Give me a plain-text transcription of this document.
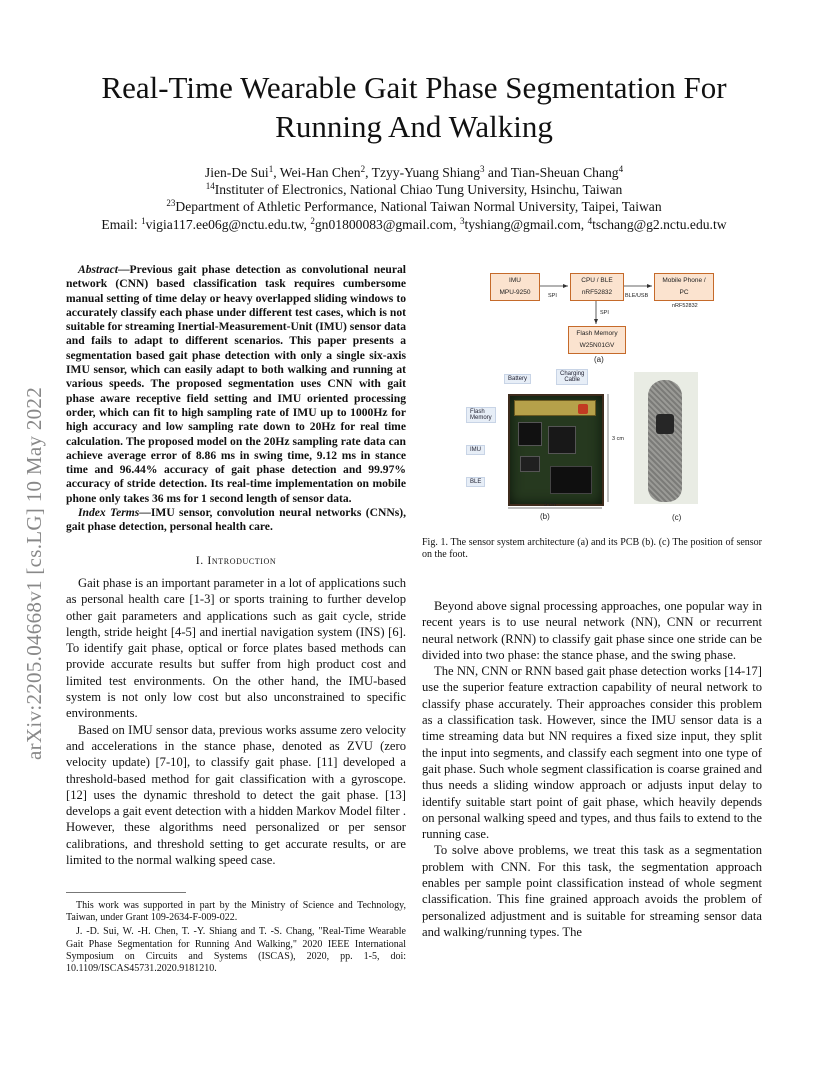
arXiv:2205.04668v1 [cs.LG] 10 May 2022
Real-Time Wearable Gait Phase Segmentation For
Running And Walking
Jien-De Sui$^1$, Wei-Han Chen$^2$, Tzyy-Yuang Shiang$^3$ and Tian-Sheuan Chang$^4$
$^{14}$Instituter of Electronics, National Chiao Tung University, Hsinchu, Taiwan
$^{23}$Department of Athletic Performance, National Taiwan Normal University, Taipei, Taiwan
Email: $^1$vigia117.ee06g@nctu.edu.tw, $^2$gn01800083@gmail.com, $^3$tyshiang@gmail.com, $^4$tschang@g2.nctu.edu.tw

Abstract—Previous gait phase detection as convolutional neural network (CNN) based classification task requires cumbersome manual setting of time delay or heavy overlapped sliding windows to accurately classify each phase under different test cases, which is not suitable for streaming Inertial-Measurement-Unit (IMU) sensor data and fails to adapt to different scenarios. This paper presents a segmentation based gait phase detection with only a single six-axis IMU sensor, which can easily adapt to both walking and running at various speeds. The proposed segmentation uses CNN with gait phase aware receptive field setting and IMU oriented processing order, which can fit to high sampling rate of IMU up to 1000Hz for high accuracy and low sampling rate down to 20Hz for real time calculation. The proposed model on the 20Hz sampling rate data can achieve average error of 8.86 ms in swing time, 9.12 ms in stance time and 96.44% accuracy of gait phase detection and 99.97% accuracy of stride detection. Its real-time implementation on mobile phone only takes 36 ms for 1 second length of sensor data.

Index Terms—IMU sensor, convolution neural networks (CNNs), gait phase detection, personal health care.

I. Introduction

Gait phase is an important parameter in a lot of applications such as personal health care [1-3] or sports training to further develop other gait parameters and applications such as gait cycle, stride length, stride height [4-5] and inertial navigation system (INS) [6]. To identify gait phase, optical or force plates based methods can provide accurate results but suffer from high product cost and limited test environments. On the other hand, the IMU-based system is not only low cost but also unconstrained to specific environments.

Based on IMU sensor data, previous works assume zero velocity and accelerations in the stance phase, denoted as ZVU (zero velocity update) [7-10], to classify gait phase. [11] developed a threshold-based method for gait classification with a gyroscope. [12] uses the dynamic threshold to detect the gait phase. [13] develops a gait event detection with a hidden Markov Model filter . However, these algorithms need personalized or per sensor calibrations, and threshold setting to get accurate results, or are limited to the normal walking speed case.

This work was supported in part by the Ministry of Science and Technology, Taiwan, under Grant 109-2634-F-009-022.

J. -D. Sui, W. -H. Chen, T. -Y. Shiang and T. -S. Chang, "Real-Time Wearable Gait Phase Segmentation for Running And Walking," 2020 IEEE International Symposium on Circuits and Systems (ISCAS), 2020, pp. 1-5, doi: 10.1109/ISCAS45731.2020.9181210.

IMU
MPU-9250
CPU / BLE
nRF52832
Mobile Phone /
PC
nRF52832
Flash Memory
W25N01GV
SPI	BLE/USB
SPI
(a)
Battery
Charging
Cable
Flash
Memory
IMU
BLE
3 cm
3 cm
(b)	(c)
Fig. 1. The sensor system architecture (a) and its PCB (b). (c) The position of sensor on the foot.

Beyond above signal processing approaches, one popular way in recent years is to use neural network (NN), CNN or recurrent neural network (RNN) to classify gait phase since one stride can be divided into two phase: the stance phase, and the swing phase.

The NN, CNN or RNN based gait phase detection works [14-17] use the superior feature extraction capability of neural network to classify phase accurately. Their approaches consider this problem as a classification task. However, since the IMU sensor data is a time streaming data but NN requires a fixed size input, they split the input into segments, and classify each segment into one type of gait phase. Such whole segment classification is coarse grained and thus needs a sliding window approach or adjusts input delay to identify suitable start point of gait phase, which heavily depends on personal walking speed and types, and thus fails to extend to the running case.

To solve above problems, we treat this task as a segmentation problem with CNN. For this task, the segmentation approach enables per sample point classification instead of whole segment classification. This fine grained approach avoids the problem of personalized adjustment and is suitable for streaming sensor data and walking/running types. The
